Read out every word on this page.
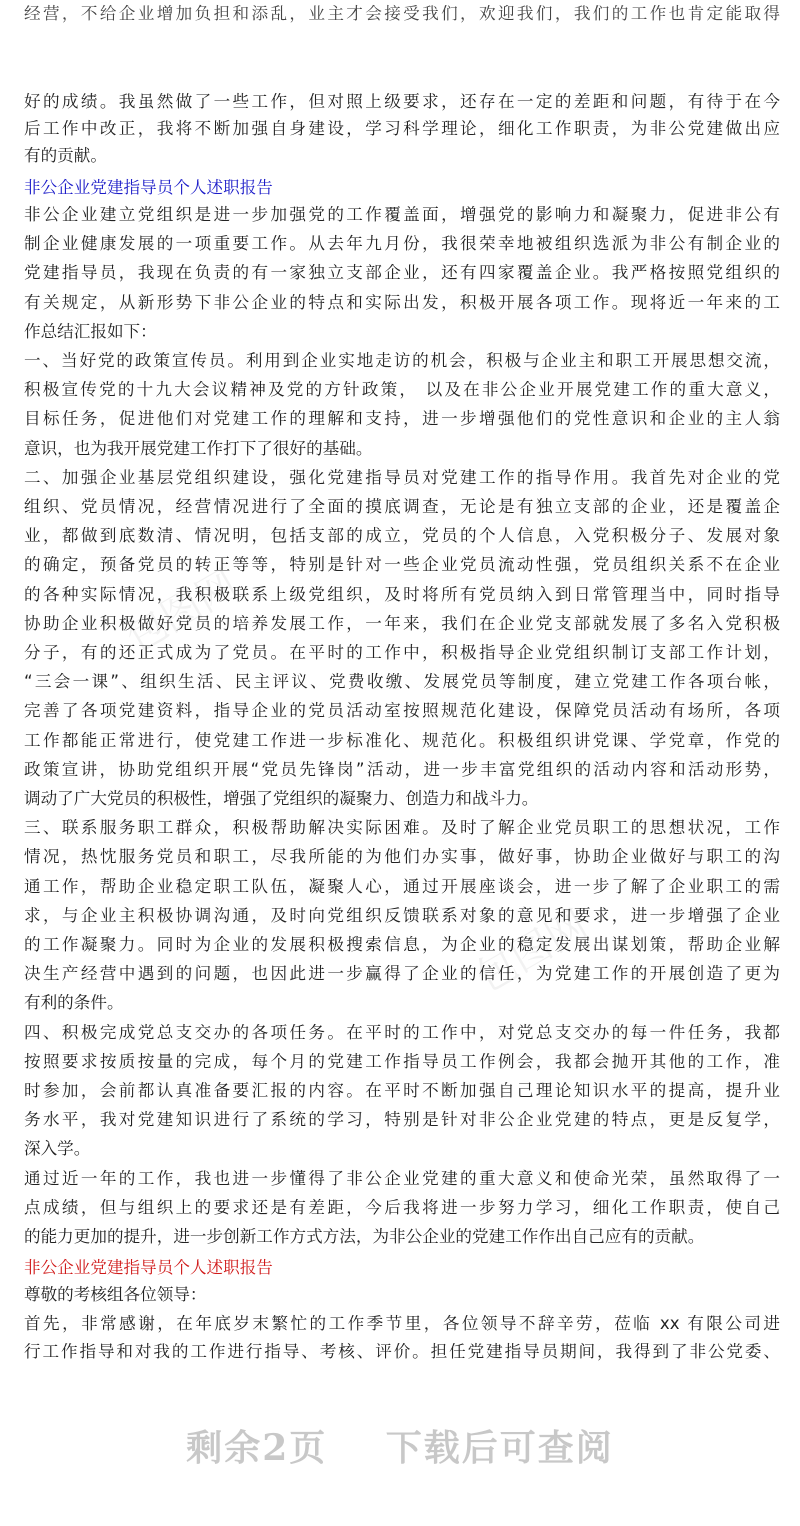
经营，不给企业增加负担和添乱，业主才会接受我们，欢迎我们，我们的工作也肯定能取得
好的成绩。我虽然做了一些工作，但对照上级要求，还存在一定的差距和问题，有待于在今
后工作中改正，我将不断加强自身建设，学习科学理论，细化工作职责，为非公党建做出应
有的贡献。
非公企业党建指导员个人述职报告
非公企业建立党组织是进一步加强党的工作覆盖面，增强党的影响力和凝聚力，促进非公有
制企业健康发展的一项重要工作。从去年九月份，我很荣幸地被组织选派为非公有制企业的
党建指导员，我现在负责的有一家独立支部企业，还有四家覆盖企业。我严格按照党组织的
有关规定，从新形势下非公企业的特点和实际出发，积极开展各项工作。现将近一年来的工
作总结汇报如下：
一、当好党的政策宣传员。利用到企业实地走访的机会，积极与企业主和职工开展思想交流，
积极宣传党的十九大会议精神及党的方针政策， 以及在非公企业开展党建工作的重大意义，
目标任务，促进他们对党建工作的理解和支持，进一步增强他们的党性意识和企业的主人翁
意识，也为我开展党建工作打下了很好的基础。
二、加强企业基层党组织建设，强化党建指导员对党建工作的指导作用。我首先对企业的党
组织、党员情况，经营情况进行了全面的摸底调查，无论是有独立支部的企业，还是覆盖企
业，都做到底数清、情况明，包括支部的成立，党员的个人信息，入党积极分子、发展对象
的确定，预备党员的转正等等，特别是针对一些企业党员流动性强，党员组织关系不在企业
的各种实际情况，我积极联系上级党组织，及时将所有党员纳入到日常管理当中，同时指导
协助企业积极做好党员的培养发展工作，一年来，我们在企业党支部就发展了多名入党积极
分子，有的还正式成为了党员。在平时的工作中，积极指导企业党组织制订支部工作计划，
“三会一课”、组织生活、民主评议、党费收缴、发展党员等制度，建立党建工作各项台帐，
完善了各项党建资料，指导企业的党员活动室按照规范化建设，保障党员活动有场所，各项
工作都能正常进行，使党建工作进一步标准化、规范化。积极组织讲党课、学党章，作党的
政策宣讲，协助党组织开展“党员先锋岗”活动，进一步丰富党组织的活动内容和活动形势，
调动了广大党员的积极性，增强了党组织的凝聚力、创造力和战斗力。
三、联系服务职工群众，积极帮助解决实际困难。及时了解企业党员职工的思想状况，工作
情况，热忱服务党员和职工，尽我所能的为他们办实事，做好事，协助企业做好与职工的沟
通工作，帮助企业稳定职工队伍，凝聚人心，通过开展座谈会，进一步了解了企业职工的需
求，与企业主积极协调沟通，及时向党组织反馈联系对象的意见和要求，进一步增强了企业
的工作凝聚力。同时为企业的发展积极搜索信息，为企业的稳定发展出谋划策，帮助企业解
决生产经营中遇到的问题，也因此进一步赢得了企业的信任，为党建工作的开展创造了更为
有利的条件。
四、积极完成党总支交办的各项任务。在平时的工作中，对党总支交办的每一件任务，我都
按照要求按质按量的完成，每个月的党建工作指导员工作例会，我都会抛开其他的工作，准
时参加，会前都认真准备要汇报的内容。在平时不断加强自己理论知识水平的提高，提升业
务水平，我对党建知识进行了系统的学习，特别是针对非公企业党建的特点，更是反复学，
深入学。
通过近一年的工作，我也进一步懂得了非公企业党建的重大意义和使命光荣，虽然取得了一
点成绩，但与组织上的要求还是有差距，今后我将进一步努力学习，细化工作职责，使自己
的能力更加的提升，进一步创新工作方式方法，为非公企业的党建工作作出自己应有的贡献。
非公企业党建指导员个人述职报告
尊敬的考核组各位领导：
首先，非常感谢，在年底岁末繁忙的工作季节里，各位领导不辞辛劳，莅临 xx 有限公司进
行工作指导和对我的工作进行指导、考核、评价。担任党建指导员期间，我得到了非公党委、
包图网
包图网
剩余2页 下载后可查阅
